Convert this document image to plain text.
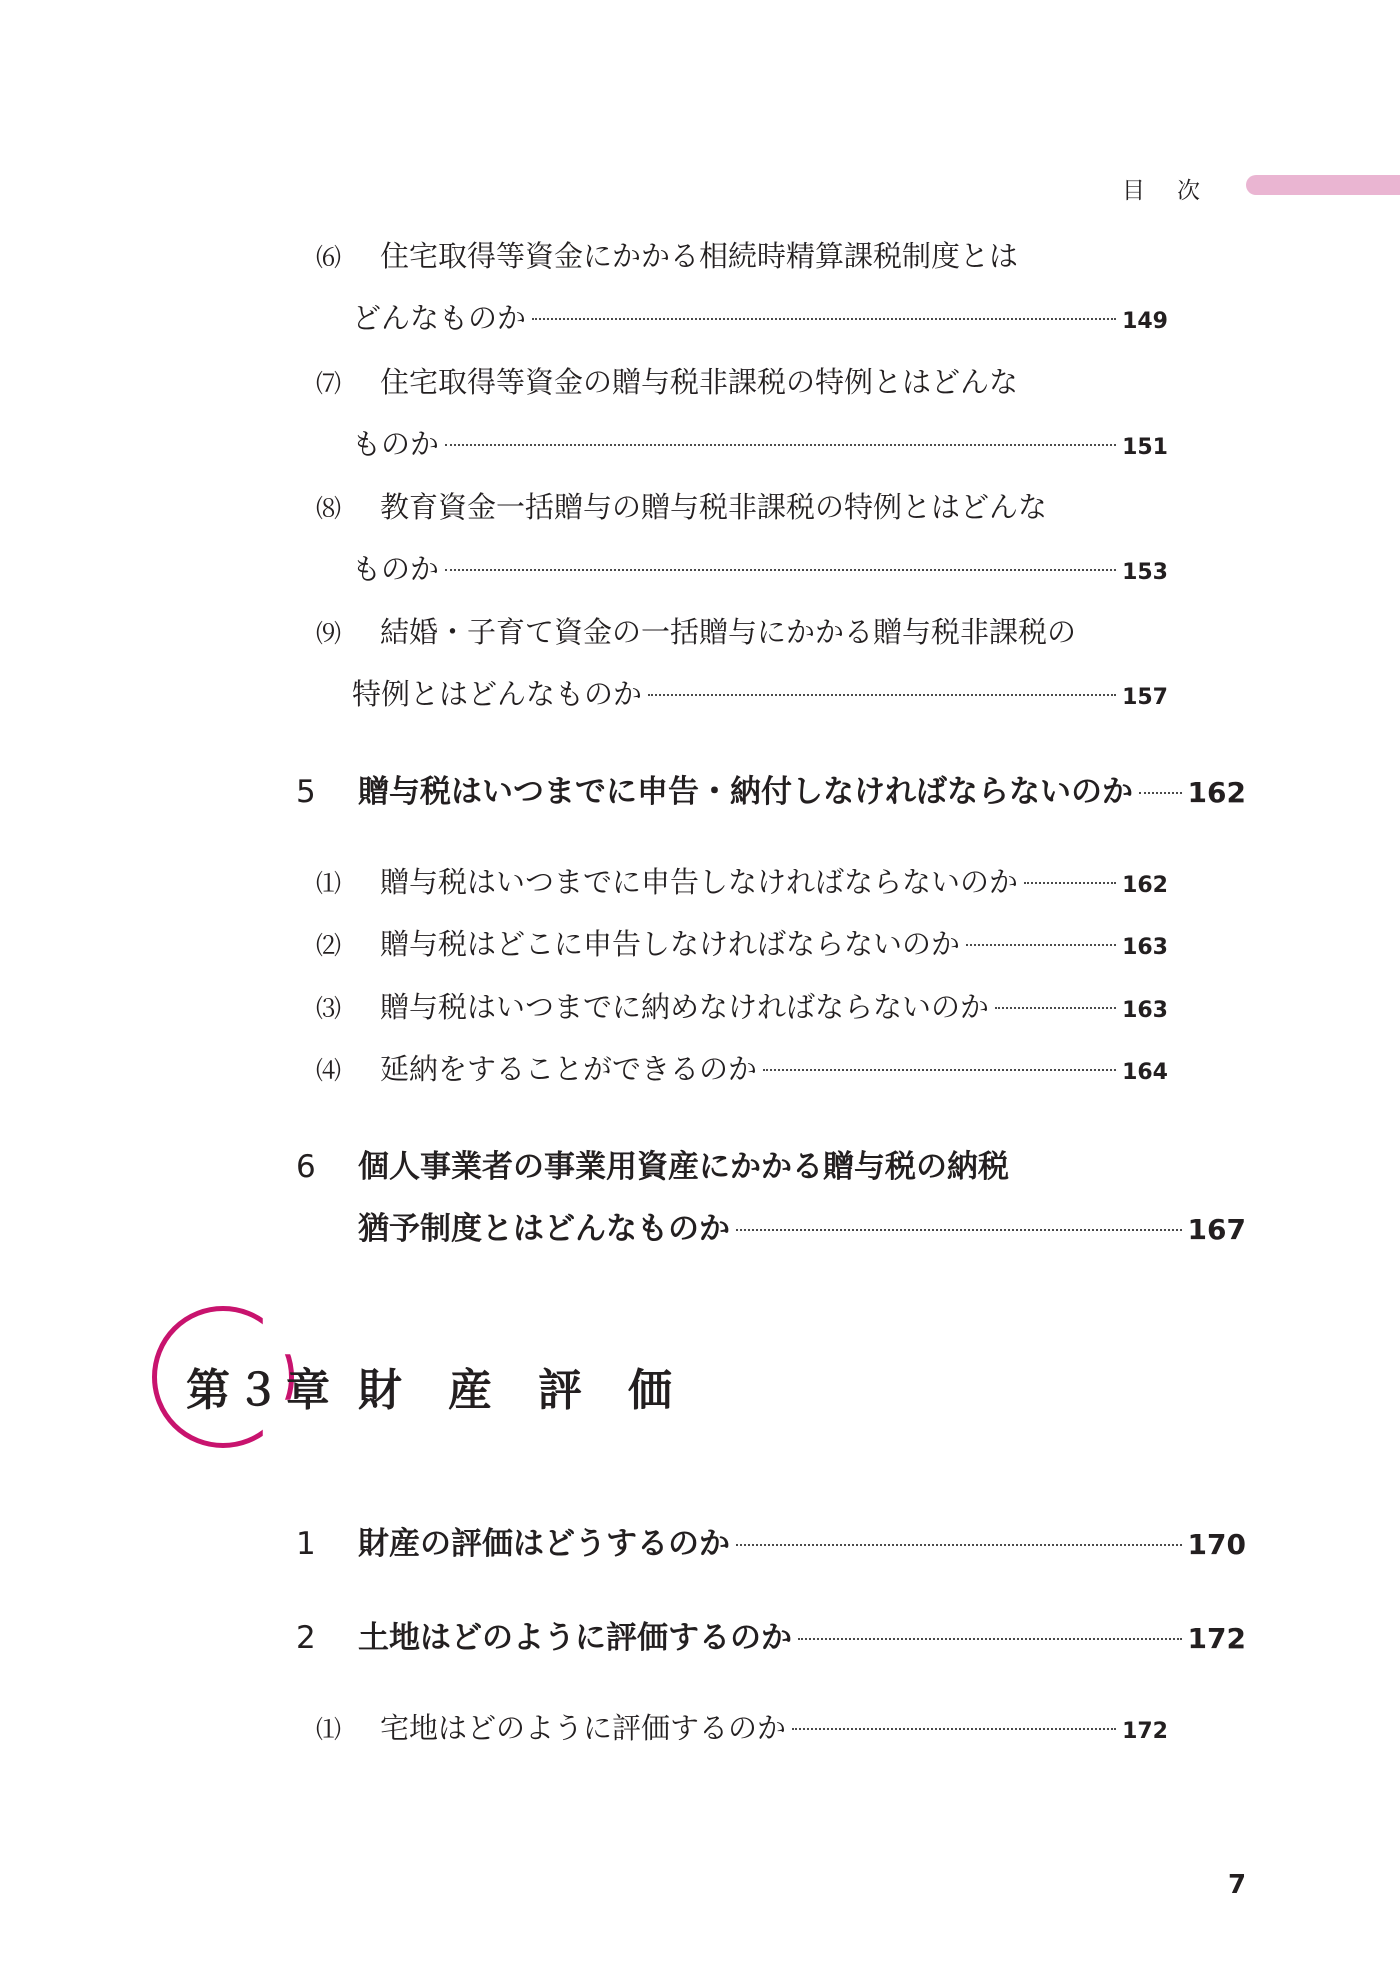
目次
⑹	住宅取得等資金にかかる相続時精算課税制度とは
どんなものか	149
⑺	住宅取得等資金の贈与税非課税の特例とはどんな
ものか	151
⑻	教育資金一括贈与の贈与税非課税の特例とはどんな
ものか	153
⑼	結婚・子育て資金の一括贈与にかかる贈与税非課税の
特例とはどんなものか	157
5	贈与税はいつまでに申告・納付しなければならないのか 162
⑴	贈与税はいつまでに申告しなければならないのか	162
⑵	贈与税はどこに申告しなければならないのか	163
⑶	贈与税はいつまでに納めなければならないのか	163
⑷	延納をすることができるのか	164
6	個人事業者の事業用資産にかかる贈与税の納税
猶予制度とはどんなものか	167
第３章 財産評価
1	財産の評価はどうするのか	170
2	土地はどのように評価するのか	172
⑴	宅地はどのように評価するのか	172
7
